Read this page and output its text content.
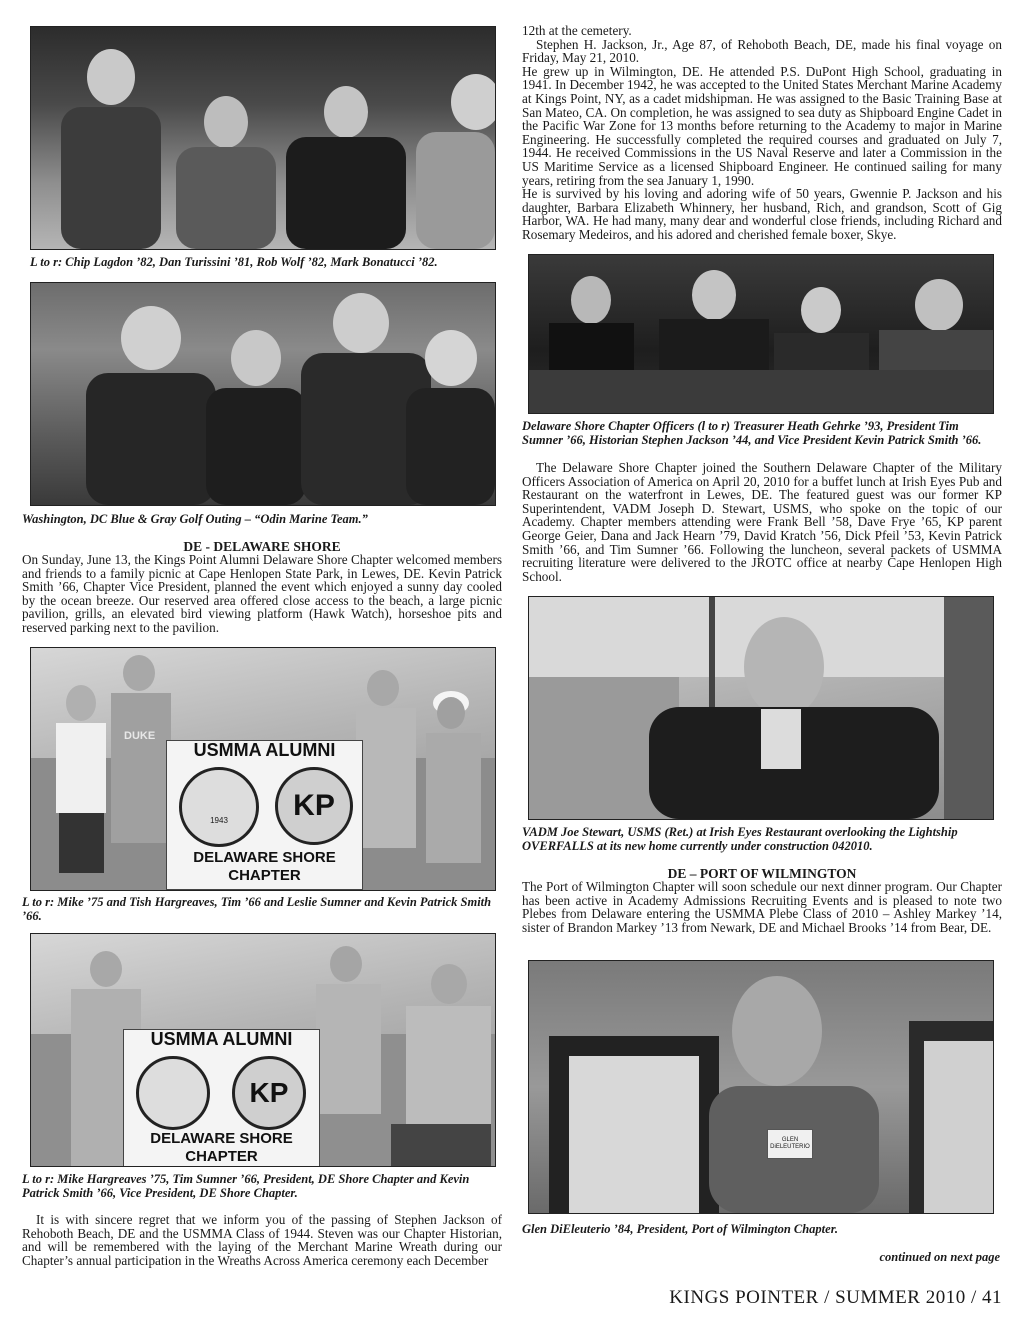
L to r: Chip Lagdon ’82, Dan Turissini ’81, Rob Wolf ’82, Mark Bonatucci ’82.

Washington, DC Blue & Gray Golf Outing – “Odin Marine Team.”

DE - DELAWARE SHORE

On Sunday, June 13, the Kings Point Alumni Delaware Shore Chapter welcomed members and friends to a family picnic at Cape Henlopen State Park, in Lewes, DE. Kevin Patrick Smith ’66, Chapter Vice President, planned the event which enjoyed a sunny day cooled by the ocean breeze. Our reserved area offered close access to the beach, a large picnic pavilion, grills, an elevated bird viewing platform (Hawk Watch), horseshoe pits and reserved parking next to the pavilion.

DUKE
USMMA ALUMNI
1943	KP
DELAWARE SHORE
CHAPTER

L to r: Mike ’75 and Tish Hargreaves, Tim ’66 and Leslie Sumner and Kevin Patrick Smith ’66.

USMMA ALUMNI
KP
DELAWARE SHORE
CHAPTER

L to r: Mike Hargreaves ’75, Tim Sumner ’66, President, DE Shore Chapter and Kevin Patrick Smith ’66, Vice President, DE Shore Chapter.

It is with sincere regret that we inform you of the passing of Stephen Jackson of Rehoboth Beach, DE and the USMMA Class of 1944. Steven was our Chapter Historian, and will be remembered with the laying of the Merchant Marine Wreath during our Chapter’s annual participation in the Wreaths Across America ceremony each December

12th at the cemetery.

Stephen H. Jackson, Jr., Age 87, of Rehoboth Beach, DE, made his final voyage on Friday, May 21, 2010.

He grew up in Wilmington, DE. He attended P.S. DuPont High School, graduating in 1941. In December 1942, he was accepted to the United States Merchant Marine Academy at Kings Point, NY, as a cadet midshipman. He was assigned to the Basic Training Base at San Mateo, CA. On completion, he was assigned to sea duty as Shipboard Engine Cadet in the Pacific War Zone for 13 months before returning to the Academy to major in Marine Engineering. He successfully completed the required courses and graduated on July 7, 1944. He received Commissions in the US Naval Reserve and later a Commission in the US Maritime Service as a licensed Shipboard Engineer. He continued sailing for many years, retiring from the sea January 1, 1990.

He is survived by his loving and adoring wife of 50 years, Gwennie P. Jackson and his daughter, Barbara Elizabeth Whinnery, her husband, Rich, and grandson, Scott of Gig Harbor, WA. He had many, many dear and wonderful close friends, including Richard and Rosemary Medeiros, and his adored and cherished female boxer, Skye.

Delaware Shore Chapter Officers (l to r) Treasurer Heath Gehrke ’93, President Tim Sumner ’66, Historian Stephen Jackson ’44, and Vice President Kevin Patrick Smith ’66.

The Delaware Shore Chapter joined the Southern Delaware Chapter of the Military Officers Association of America on April 20, 2010 for a buffet lunch at Irish Eyes Pub and Restaurant on the waterfront in Lewes, DE. The featured guest was our former KP Superintendent, VADM Joseph D. Stewart, USMS, who spoke on the topic of our Academy. Chapter members attending were Frank Bell ’58, Dave Frye ’65, KP parent George Geier, Dana and Jack Hearn ’79, David Kratch ’56, Dick Pfeil ’53, Kevin Patrick Smith ’66, and Tim Sumner ’66. Following the luncheon, several packets of USMMA recruiting literature were delivered to the JROTC office at nearby Cape Henlopen High School.

VADM Joe Stewart, USMS (Ret.) at Irish Eyes Restaurant overlooking the Lightship OVERFALLS at its new home currently under construction 042010.

DE – PORT OF WILMINGTON

The Port of Wilmington Chapter will soon schedule our next dinner program. Our Chapter has been active in Academy Admissions Recruiting Events and is pleased to note two Plebes from Delaware entering the USMMA Plebe Class of 2010 – Ashley Markey ’14, sister of Brandon Markey ’13 from Newark, DE and Michael Brooks ’14 from Bear, DE.

GLEN DiELEUTERIO

Glen DiEleuterio ’84, President, Port of Wilmington Chapter.

continued on next page

KINGS POINTER / SUMMER 2010 / 41
